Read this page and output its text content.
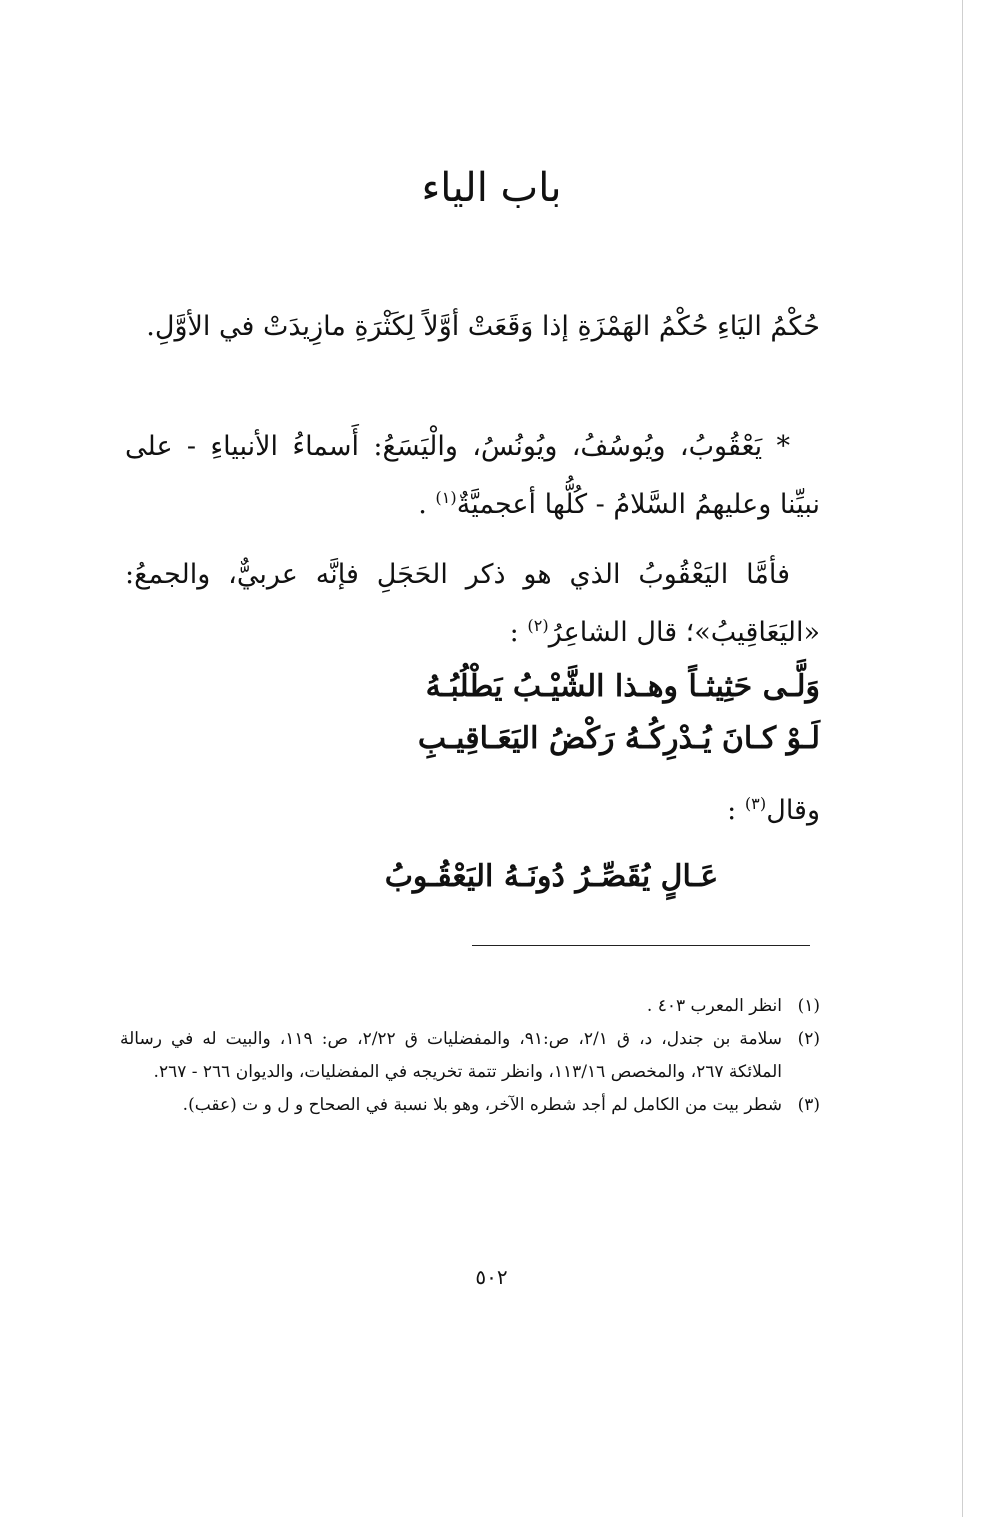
باب الياء

حُكْمُ اليَاءِ حُكْمُ الهَمْزَةِ إذا وَقَعَتْ أوَّلاً لِكَثْرَةِ مازِيدَتْ في الأوَّلِ.

* يَعْقُوبُ، ويُوسُفُ، ويُونُسُ، والْيَسَعُ: أَسماءُ الأنبياءِ - على نبيِّنا وعليهمُ السَّلامُ - كُلُّها أعجميَّةٌ$^{(١)}$ .

فأمَّا اليَعْقُوبُ الذي هو ذكر الحَجَلِ فإنَّه عربيٌّ، والجمعُ: «اليَعَاقِيبُ»؛ قال الشاعِرُ$^{(٢)}$ :

وَلَّـى حَثِيثـاً وهـذا الشَّيْـبُ يَطْلُبُـهُ

لَـوْ كـانَ يُـدْرِكُـهُ رَكْضُ اليَعَـاقِيـبِ

وقال$^{(٣)}$ :

عَـالٍ يُقَصِّـرُ دُونَـهُ اليَعْقُـوبُ

(١)
انظر المعرب ٤٠٣ .
(٢)
سلامة بن جندل، د، ق ٢/١، ص:٩١، والمفضليات ق ٢/٢٢، ص: ١١٩، والبيت له في رسالة الملائكة ٢٦٧، والمخصص ١١٣/١٦، وانظر تتمة تخريجه في المفضليات، والديوان ٢٦٦ - ٢٦٧.
(٣)
شطر بيت من الكامل لم أجد شطره الآخر، وهو بلا نسبة في الصحاح و ل و ت (عقب).

٥٠٢
